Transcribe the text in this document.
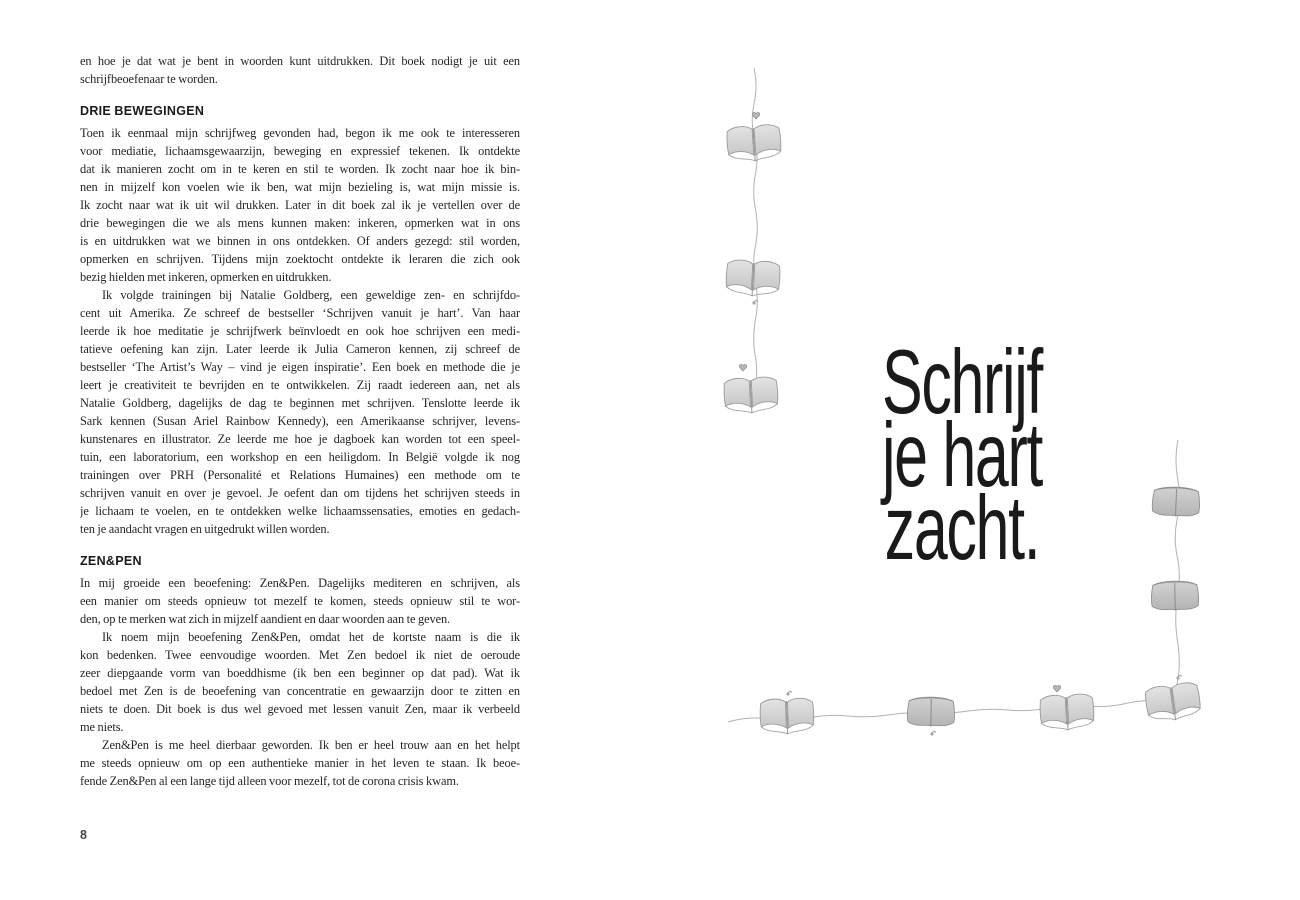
en hoe je dat wat je bent in woorden kunt uitdrukken. Dit boek nodigt je uit een
schrijfbeoefenaar te worden.
DRIE BEWEGINGEN
Toen ik eenmaal mijn schrijfweg gevonden had, begon ik me ook te interesseren
voor mediatie, lichaamsgewaarzijn, beweging en expressief tekenen. Ik ontdekte
dat ik manieren zocht om in te keren en stil te worden. Ik zocht naar hoe ik bin-
nen in mijzelf kon voelen wie ik ben, wat mijn bezieling is, wat mijn missie is.
Ik zocht naar wat ik uit wil drukken. Later in dit boek zal ik je vertellen over de
drie bewegingen die we als mens kunnen maken: inkeren, opmerken wat in ons
is en uitdrukken wat we binnen in ons ontdekken. Of anders gezegd: stil worden,
opmerken en schrijven. Tijdens mijn zoektocht ontdekte ik leraren die zich ook
bezig hielden met inkeren, opmerken en uitdrukken.
Ik volgde trainingen bij Natalie Goldberg, een geweldige zen- en schrijfdo-
cent uit Amerika. Ze schreef de bestseller ‘Schrijven vanuit je hart’. Van haar
leerde ik hoe meditatie je schrijfwerk beïnvloedt en ook hoe schrijven een medi-
tatieve oefening kan zijn. Later leerde ik Julia Cameron kennen, zij schreef de
bestseller ‘The Artist’s Way – vind je eigen inspiratie’. Een boek en methode die je
leert je creativiteit te bevrijden en te ontwikkelen. Zij raadt iedereen aan, net als
Natalie Goldberg, dagelijks de dag te beginnen met schrijven. Tenslotte leerde ik
Sark kennen (Susan Ariel Rainbow Kennedy), een Amerikaanse schrijver, levens-
kunstenares en illustrator. Ze leerde me hoe je dagboek kan worden tot een speel-
tuin, een laboratorium, een workshop en een heiligdom. In België volgde ik nog
trainingen over PRH (Personalité et Relations Humaines) een methode om te
schrijven vanuit en over je gevoel. Je oefent dan om tijdens het schrijven steeds in
je lichaam te voelen, en te ontdekken welke lichaamssensaties, emoties en gedach-
ten je aandacht vragen en uitgedrukt willen worden.
ZEN&PEN
In mij groeide een beoefening: Zen&Pen. Dagelijks mediteren en schrijven, als
een manier om steeds opnieuw tot mezelf te komen, steeds opnieuw stil te wor-
den, op te merken wat zich in mijzelf aandient en daar woorden aan te geven.
Ik noem mijn beoefening Zen&Pen, omdat het de kortste naam is die ik
kon bedenken. Twee eenvoudige woorden. Met Zen bedoel ik niet de oeroude
zeer diepgaande vorm van boeddhisme (ik ben een beginner op dat pad). Wat ik
bedoel met Zen is de beoefening van concentratie en gewaarzijn door te zitten en
niets te doen. Dit boek is dus wel gevoed met lessen vanuit Zen, maar ik verbeeld
me niets.
Zen&Pen is me heel dierbaar geworden. Ik ben er heel trouw aan en het helpt
me steeds opnieuw om op een authentieke manier in het leven te staan. Ik beoe-
fende Zen&Pen al een lange tijd alleen voor mezelf, tot de corona crisis kwam.
8
Schrijf
je hart
zacht.
